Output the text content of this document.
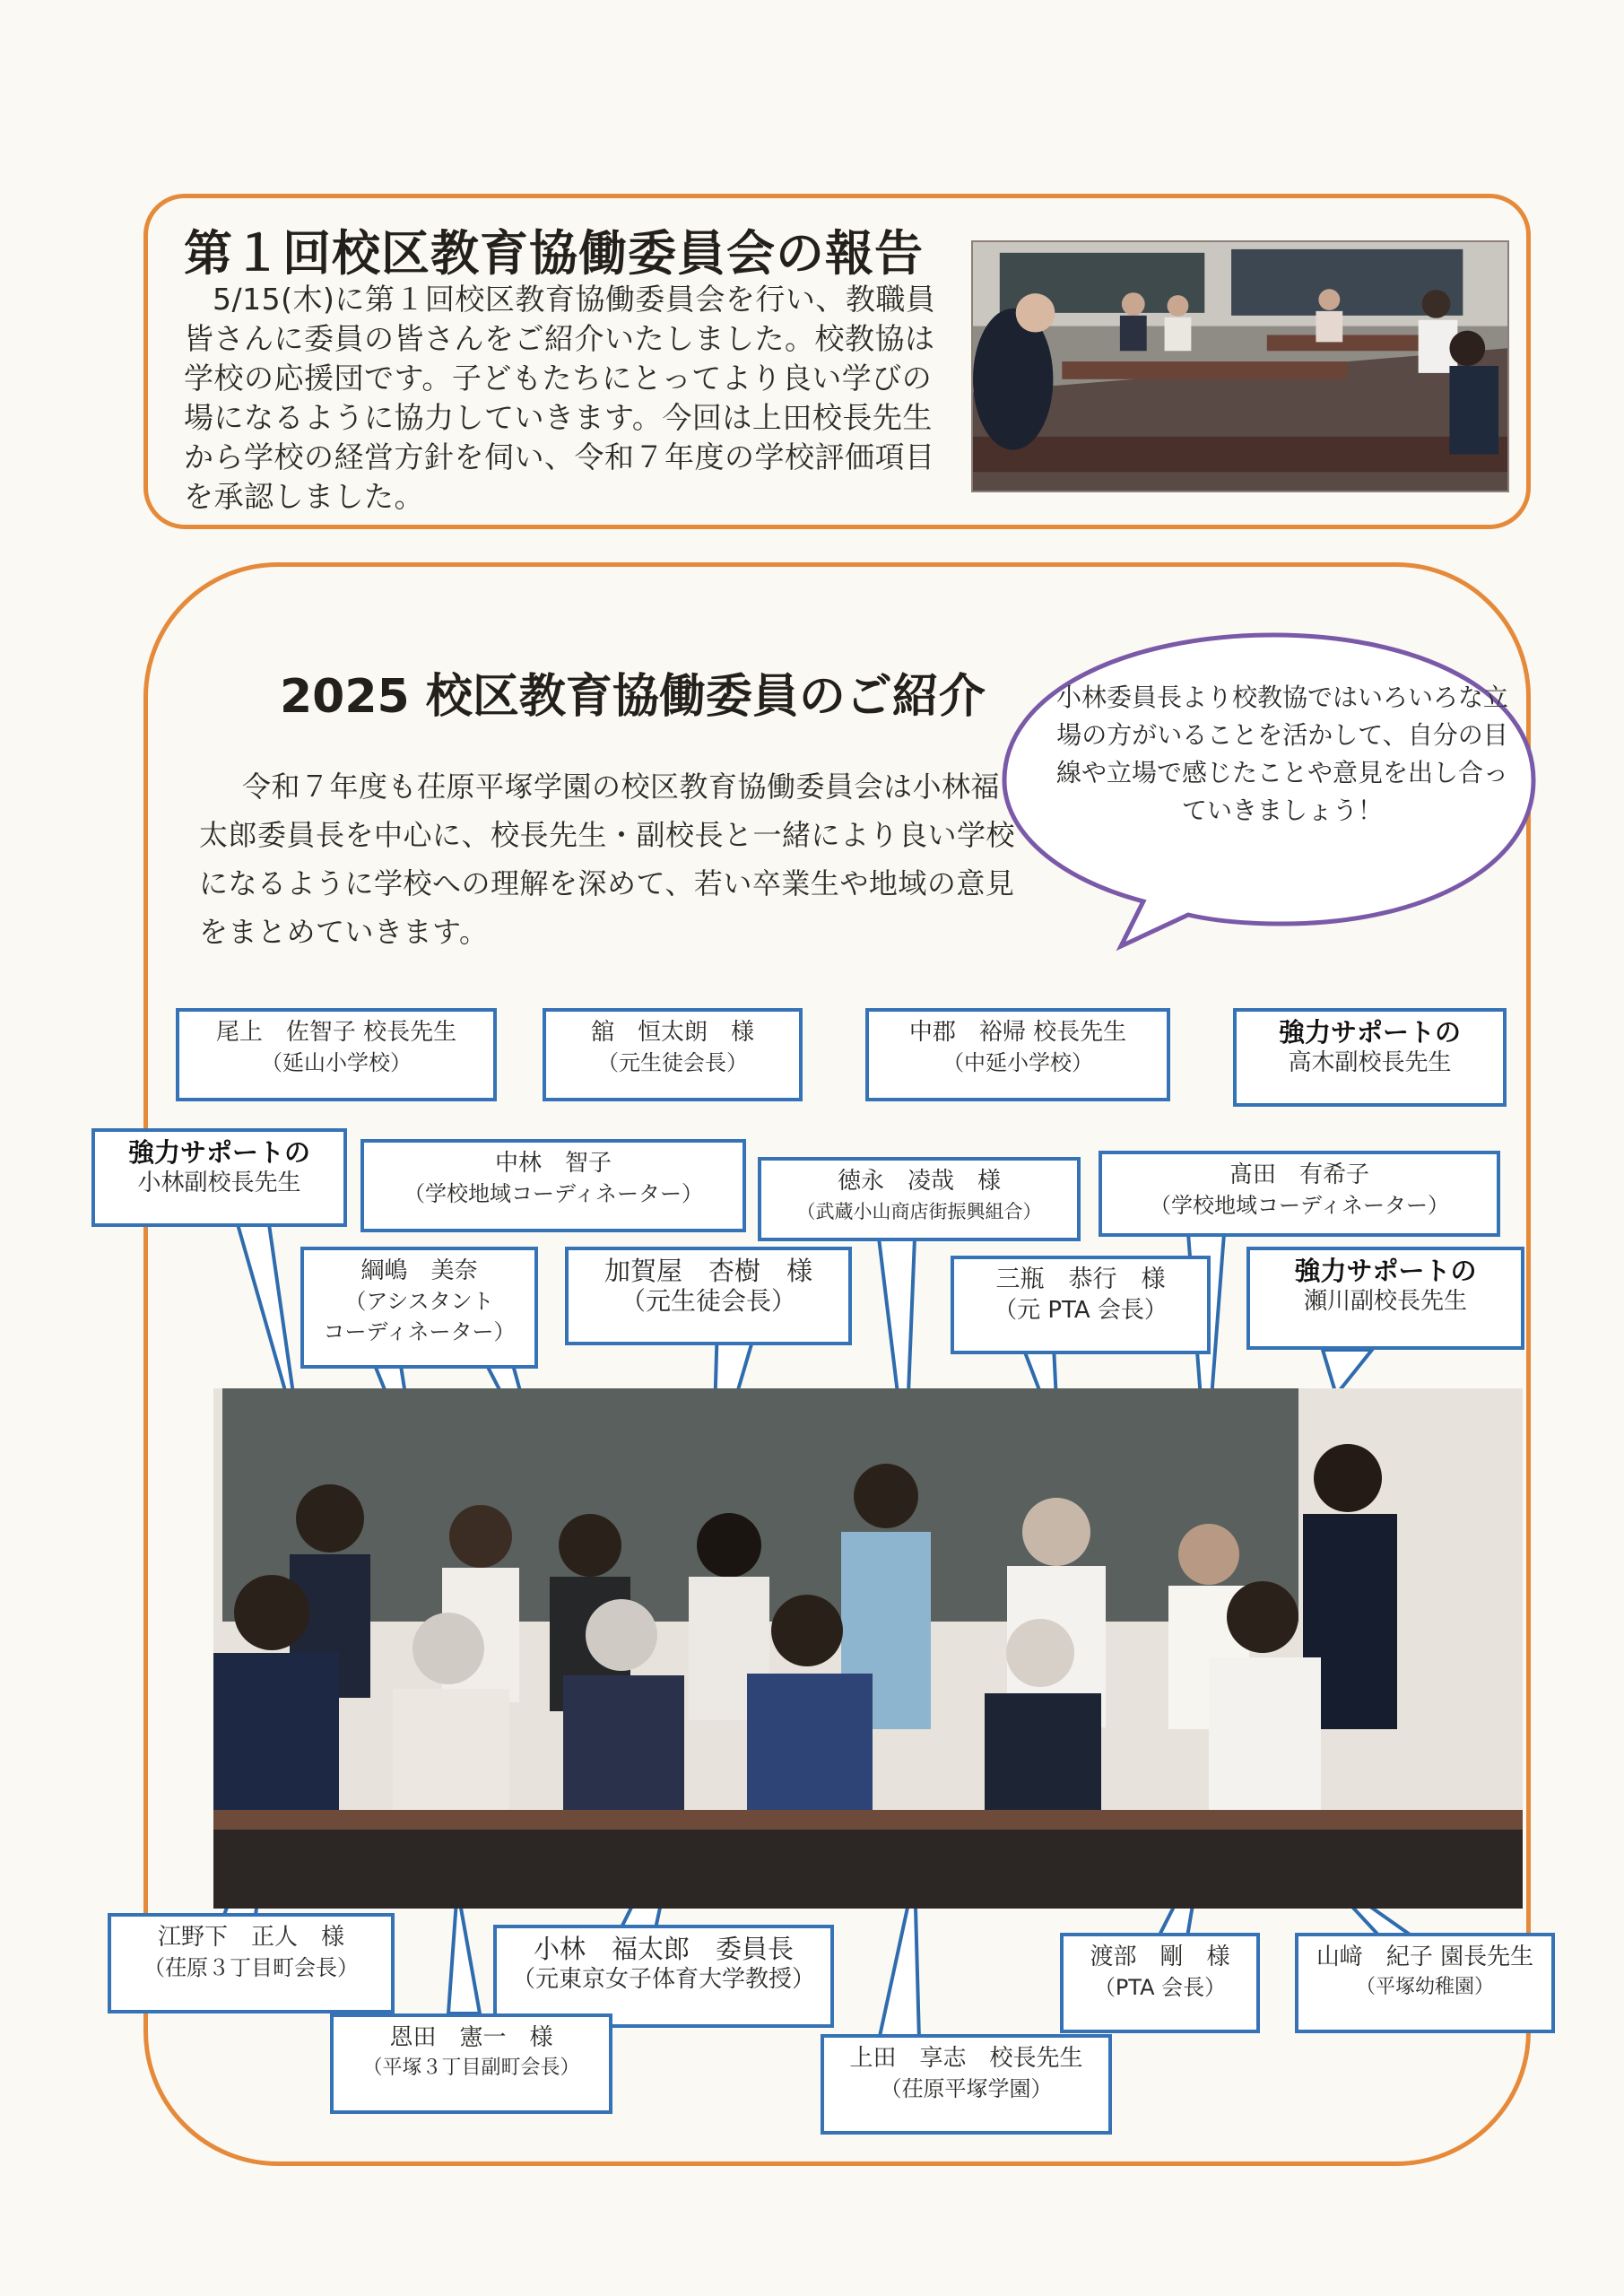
第１回校区教育協働委員会の報告
5/15(木)に第１回校区教育協働委員会を行い、教職員皆さんに委員の皆さんをご紹介いたしました。校教協は学校の応援団です。子どもたちにとってより良い学びの場になるように協力していきます。今回は上田校長先生から学校の経営方針を伺い、令和７年度の学校評価項目を承認しました。
2025 校区教育協働委員のご紹介
令和７年度も茌原平塚学園の校区教育協働委員会は小林福太郎委員長を中心に、校長先生・副校長と一緒により良い学校になるように学校への理解を深めて、若い卒業生や地域の意見をまとめていきます。
小林委員長より校教協ではいろいろな立場の方がいることを活かして、自分の目線や立場で感じたことや意見を出し合っていきましょう！
尾上　佐智子 校長先生
（延山小学校）
舘　恒太朗　様
（元生徒会長）
中郡　裕帰 校長先生
（中延小学校）
強力サポートの
高木副校長先生
強力サポートの
小林副校長先生
中林　智子
（学校地域コーディネーター）	徳永　凌哉　様
（武蔵小山商店街振興組合）
髙田　有希子
（学校地域コーディネーター）
綱嶋　美奈
（アシスタント
コーディネーター）
加賀屋　杏樹　様
（元生徒会長）
三瓶　恭行　様
（元 PTA 会長）
強力サポートの
瀬川副校長先生
江野下　正人　様
（茌原３丁目町会長）
小林　福太郎　委員長
（元東京女子体育大学教授）
渡部　剛　様
（PTA 会長）
山﨑　紀子 園長先生
（平塚幼稚園）
恩田　憲一　様
（平塚３丁目副町会長）	上田　享志　校長先生
（茌原平塚学園）
